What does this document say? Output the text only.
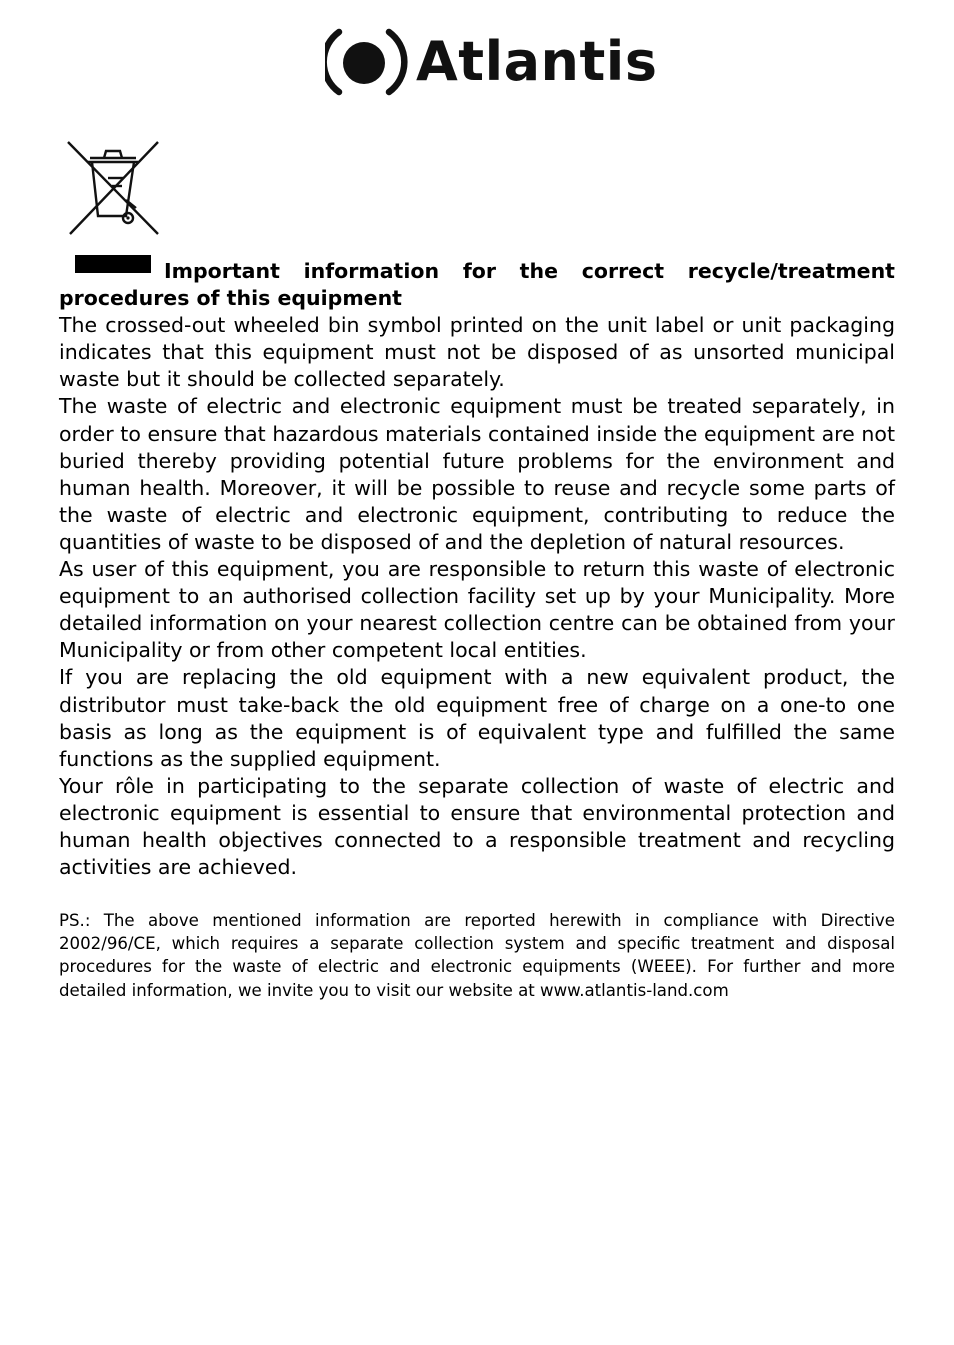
Atlantis

Important information for the correct recycle/treatment procedures of this equipment

The crossed-out wheeled bin symbol printed on the unit label or unit packaging indicates that this equipment must not be disposed of as unsorted municipal waste but it should be collected separately.

The waste of electric and electronic equipment must be treated separately, in order to ensure that hazardous materials contained inside the equipment are not buried thereby providing potential future problems for the environment and human health. Moreover, it will be possible to reuse and recycle some parts of the waste of electric and electronic equipment, contributing to reduce the quantities of waste to be disposed of and the depletion of natural resources.

As user of this equipment, you are responsible to return this waste of electronic equipment to an authorised collection facility set up by your Municipality. More detailed information on your nearest collection centre can be obtained from your Municipality or from other competent local entities.

If you are replacing the old equipment with a new equivalent product, the distributor must take-back the old equipment free of charge on a one-to one basis as long as the equipment is of equivalent type and fulfilled the same functions as the supplied equipment.

Your rôle in participating to the separate collection of waste of electric and electronic equipment is essential to ensure that environmental protection and human health objectives connected to a responsible treatment and recycling activities are achieved.

PS.: The above mentioned information are reported herewith in compliance with Directive 2002/96/CE, which requires a separate collection system and specific treatment and disposal procedures for the waste of electric and electronic equipments (WEEE). For further and more detailed information, we invite you to visit our website at www.atlantis-land.com
